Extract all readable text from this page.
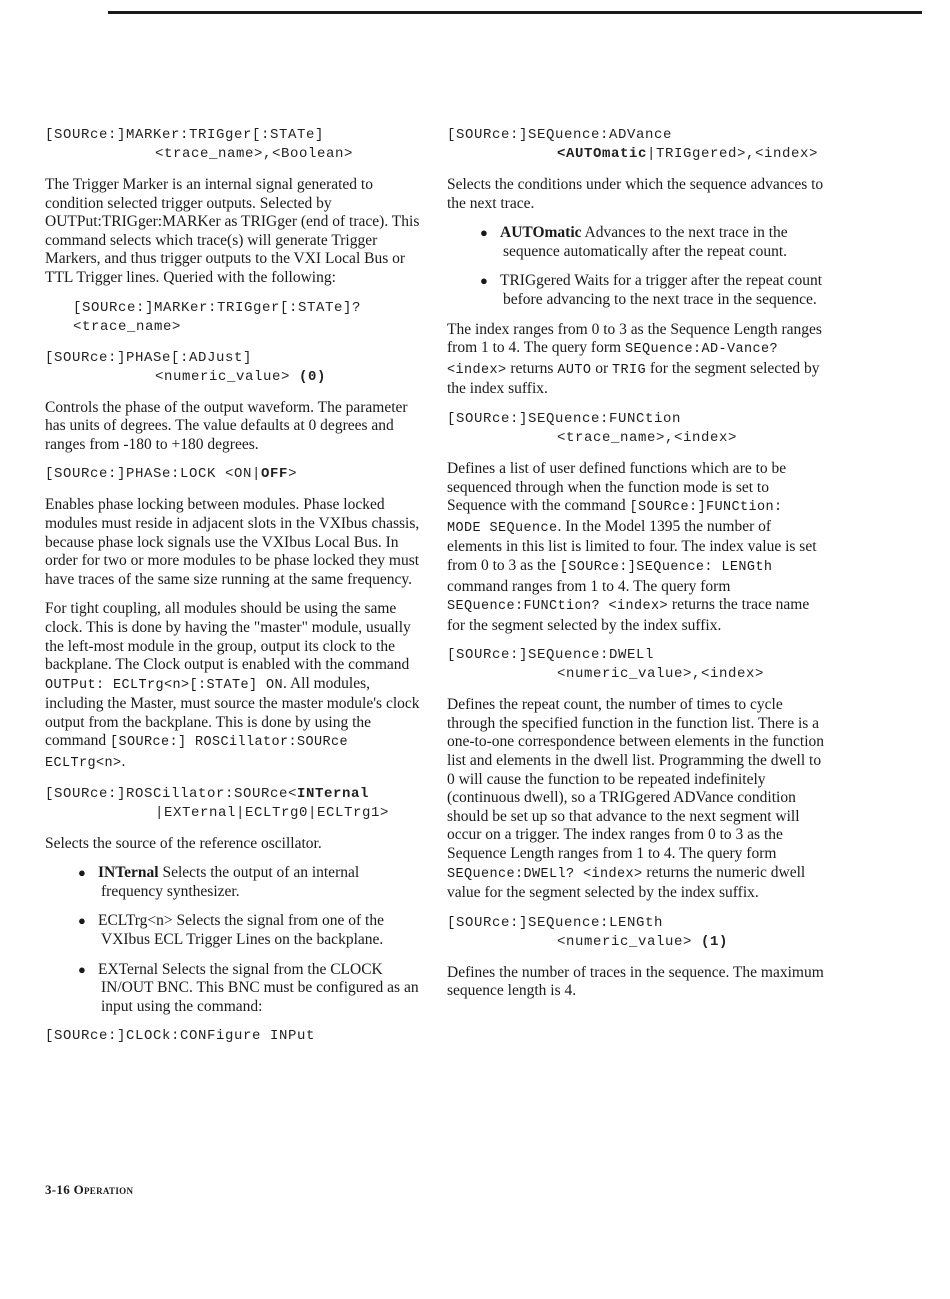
[SOURce:]MARKer:TRIGger[:STATe]
<trace_name>,<Boolean>

The Trigger Marker is an internal signal generated to condition selected trigger outputs. Selected by OUTPut:TRIGger:MARKer as TRIGger (end of trace). This command selects which trace(s) will generate Trigger Markers, and thus trigger outputs to the VXI Local Bus or TTL Trigger lines. Queried with the following:

[SOURce:]MARKer:TRIGger[:STATe]?
<trace_name>
[SOURce:]PHASe[:ADJust]
<numeric_value> (0)

Controls the phase of the output waveform. The parameter has units of degrees. The value defaults at 0 degrees and ranges from -180 to +180 degrees.

[SOURce:]PHASe:LOCK <ON|OFF>

Enables phase locking between modules. Phase locked modules must reside in adjacent slots in the VXIbus chassis, because phase lock signals use the VXIbus Local Bus. In order for two or more modules to be phase locked they must have traces of the same size running at the same frequency.

For tight coupling, all modules should be using the same clock. This is done by having the "master" module, usually the left-most module in the group, output its clock to the backplane. The Clock output is enabled with the command OUTPut: ECLTrg<n>[:STATe] ON. All modules, including the Master, must source the master module's clock output from the backplane. This is done by using the command [SOURce:] ROSCillator:SOURce ECLTrg<n>.

[SOURce:]ROSCillator:SOURce<INTernal
|EXTernal|ECLTrg0|ECLTrg1>

Selects the source of the reference oscillator.

● INTernal Selects the output of an internal frequency synthesizer.

● ECLTrg<n> Selects the signal from one of the VXIbus ECL Trigger Lines on the backplane.

● EXTernal Selects the signal from the CLOCK IN/OUT BNC. This BNC must be configured as an input using the command:

[SOURce:]CLOCk:CONFigure INPut
[SOURce:]SEQuence:ADVance
<AUTOmatic|TRIGgered>,<index>

Selects the conditions under which the sequence advances to the next trace.

● AUTOmatic Advances to the next trace in the sequence automatically after the repeat count.

● TRIGgered Waits for a trigger after the repeat count before advancing to the next trace in the sequence.

The index ranges from 0 to 3 as the Sequence Length ranges from 1 to 4. The query form SEQuence:AD-Vance? <index> returns AUTO or TRIG for the segment selected by the index suffix.

[SOURce:]SEQuence:FUNCtion
<trace_name>,<index>

Defines a list of user defined functions which are to be sequenced through when the function mode is set to Sequence with the command [SOURce:]FUNCtion: MODE SEQuence. In the Model 1395 the number of elements in this list is limited to four. The index value is set from 0 to 3 as the [SOURce:]SEQuence: LENGth command ranges from 1 to 4. The query form SEQuence:FUNCtion? <index> returns the trace name for the segment selected by the index suffix.

[SOURce:]SEQuence:DWELl
<numeric_value>,<index>

Defines the repeat count, the number of times to cycle through the specified function in the function list. There is a one-to-one correspondence between elements in the function list and elements in the dwell list. Programming the dwell to 0 will cause the function to be repeated indefinitely (continuous dwell), so a TRIGgered ADVance condition should be set up so that advance to the next segment will occur on a trigger. The index ranges from 0 to 3 as the Sequence Length ranges from 1 to 4. The query form SEQuence:DWELl? <index> returns the numeric dwell value for the segment selected by the index suffix.

[SOURce:]SEQuence:LENGth
<numeric_value> (1)

Defines the number of traces in the sequence. The maximum sequence length is 4.

3-16 Operation
